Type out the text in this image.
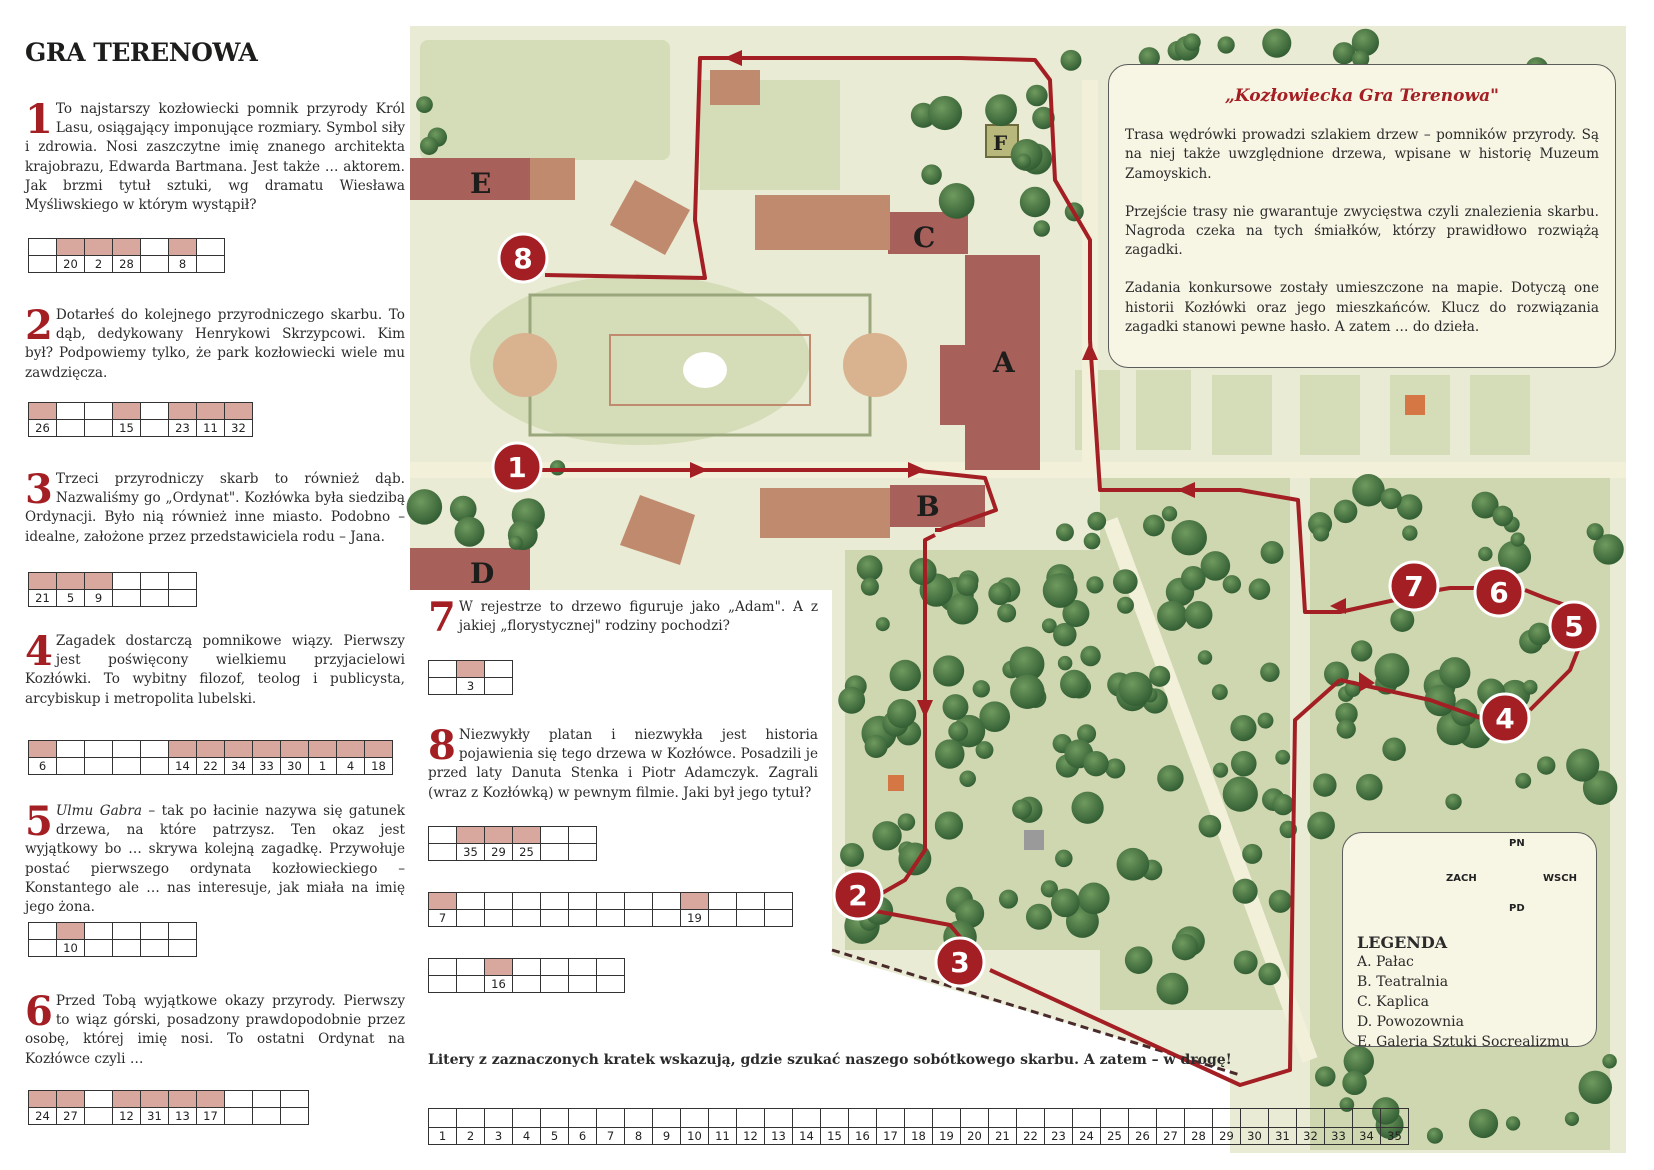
A
B
C
D
E
F
1
2
3
4
5
6
7
8
„Kozłowiecka Gra Terenowa"

Trasa wędrówki prowadzi szlakiem drzew – pomników przyrody. Są na niej także uwzględnione drzewa, wpisane w historię Muzeum Zamoyskich.

Przejście trasy nie gwarantuje zwycięstwa czyli znalezienia skarbu. Nagroda czeka na tych śmiałków, którzy prawidłowo rozwiążą zagadki.

Zadania konkursowe zostały umieszczone na mapie. Dotyczą one historii Kozłówki oraz jego mieszkańców. Klucz do rozwiązania zagadki stanowi pewne hasło. A zatem … do dzieła.

LEGENDA
A. Pałac
B. Teatralnia
C. Kaplica
D. Powozownia
E. Galeria Sztuki Socrealizmu
PN
PD
ZACH	WSCH
GRA TERENOWA
1 To najstarszy kozłowiecki pomnik przyrody Król Lasu, osiągający imponujące rozmiary. Symbol siły i zdrowia. Nosi zaszczytne imię znanego architekta krajobrazu, Edwarda Bartmana. Jest także … aktorem. Jak brzmi tytuł sztuki, wg dramatu Wiesława Myśliwskiego w którym wystąpił?
2 Dotarłeś do kolejnego przyrodniczego skarbu. To dąb, dedykowany Henrykowi Skrzypcowi. Kim był? Podpowiemy tylko, że park kozłowiecki wiele mu zawdzięcza.
3 Trzeci przyrodniczy skarb to również dąb. Nazwaliśmy go „Ordynat". Kozłówka była siedzibą Ordynacji. Było nią również inne miasto. Podobno – idealne, założone przez przedstawiciela rodu – Jana.
4 Zagadek dostarczą pomnikowe wiązy. Pierwszy jest poświęcony wielkiemu przyjacielowi Kozłówki. To wybitny filozof, teolog i publicysta, arcybiskup i metropolita lubelski.
5 Ulmu Gabra – tak po łacinie nazywa się gatunek drzewa, na które patrzysz. Ten okaz jest wyjątkowy bo … skrywa kolejną zagadkę. Przywołuje postać pierwszego ordynata kozłowieckiego – Konstantego ale … nas interesuje, jak miała na imię jego żona.
6 Przed Tobą wyjątkowe okazy przyrody. Pierwszy to wiąz górski, posadzony prawdopodobnie przez osobę, której imię nosi. To ostatni Ordynat na Kozłówce czyli …
7 W rejestrze to drzewo figuruje jako „Adam". A z jakiej „florystycznej" rodziny pochodzi?
8 Niezwykły platan i niezwykła jest historia pojawienia się tego drzewa w Kozłówce. Posadzili je przed laty Danuta Stenka i Piotr Adamczyk. Zagrali (wraz z Kozłówką) w pewnym filmie. Jaki był jego tytuł?
Litery z zaznaczonych kratek wskazują, gdzie szukać naszego sobótkowego skarbu. A zatem – w drogę!

	20	2	28		8	

26			15		23	11	32

21	5	9			

6					14	22	34	33	30	1	4	18

	10				

24	27		12	31	13	17			

	3	

	35	29	25		

7									19			

		16				

1	2	3	4	5	6	7	8	9	10	11	12	13	14	15	16	17	18	19	20	21	22	23	24	25	26	27	28	29	30	31	32	33	34	35
